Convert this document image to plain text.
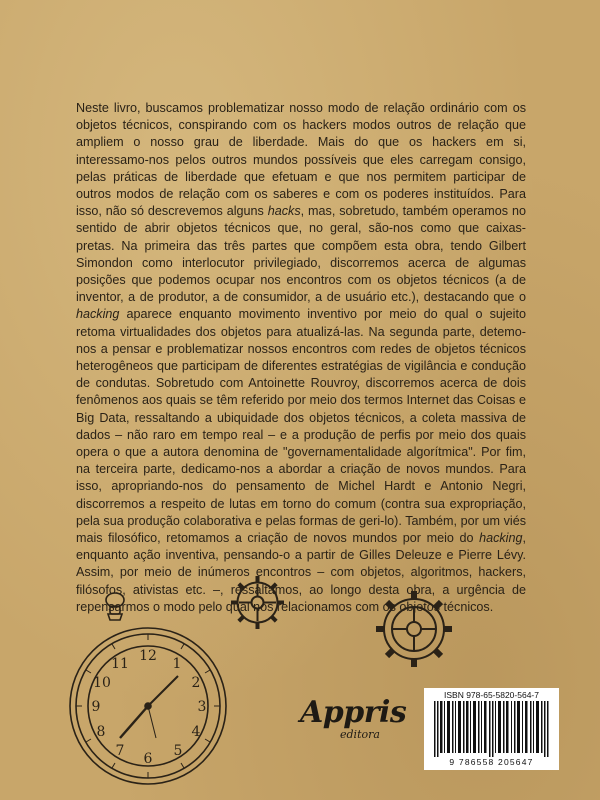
Neste livro, buscamos problematizar nosso modo de relação ordinário com os objetos técnicos, conspirando com os hackers modos outros de relação que ampliem o nosso grau de liberdade. Mais do que os hackers em si, interessamo-nos pelos outros mundos possíveis que eles carregam consigo, pelas práticas de liberdade que efetuam e que nos permitem participar de outros modos de relação com os saberes e com os poderes instituídos. Para isso, não só descrevemos alguns hacks, mas, sobretudo, também operamos no sentido de abrir objetos técnicos que, no geral, são-nos como que caixas-pretas. Na primeira das três partes que compõem esta obra, tendo Gilbert Simondon como interlocutor privilegiado, discorremos acerca de algumas posições que podemos ocupar nos encontros com os objetos técnicos (a de inventor, a de produtor, a de consumidor, a de usuário etc.), destacando que o hacking aparece enquanto movimento inventivo por meio do qual o sujeito retoma virtualidades dos objetos para atualizá-las. Na segunda parte, detemo-nos a pensar e problematizar nossos encontros com redes de objetos técnicos heterogêneos que participam de diferentes estratégias de vigilância e condução de condutas. Sobretudo com Antoinette Rouvroy, discorremos acerca de dois fenômenos aos quais se têm referido por meio dos termos Internet das Coisas e Big Data, ressaltando a ubiquidade dos objetos técnicos, a coleta massiva de dados – não raro em tempo real – e a produção de perfis por meio dos quais opera o que a autora denomina de "governamentalidade algorítmica". Por fim, na terceira parte, dedicamo-nos a abordar a criação de novos mundos. Para isso, apropriando-nos do pensamento de Michel Hardt e Antonio Negri, discorremos a respeito de lutas em torno do comum (contra sua expropriação, pela sua produção colaborativa e pelas formas de geri-lo). Também, por um viés mais filosófico, retomamos a criação de novos mundos por meio do hacking, enquanto ação inventiva, pensando-o a partir de Gilles Deleuze e Pierre Lévy. Assim, por meio de inúmeros encontros – com objetos, algoritmos, hackers, filósofos, ativistas etc. –, ressaltamos, ao longo desta obra, a urgência de repensarmos o modo pelo qual nos relacionamos com os objetos técnicos.

12 1
2
3
4
5
6
7
8
9
10
11
Appris
editora
ISBN 978-65-5820-564-7
9 786558 205647
